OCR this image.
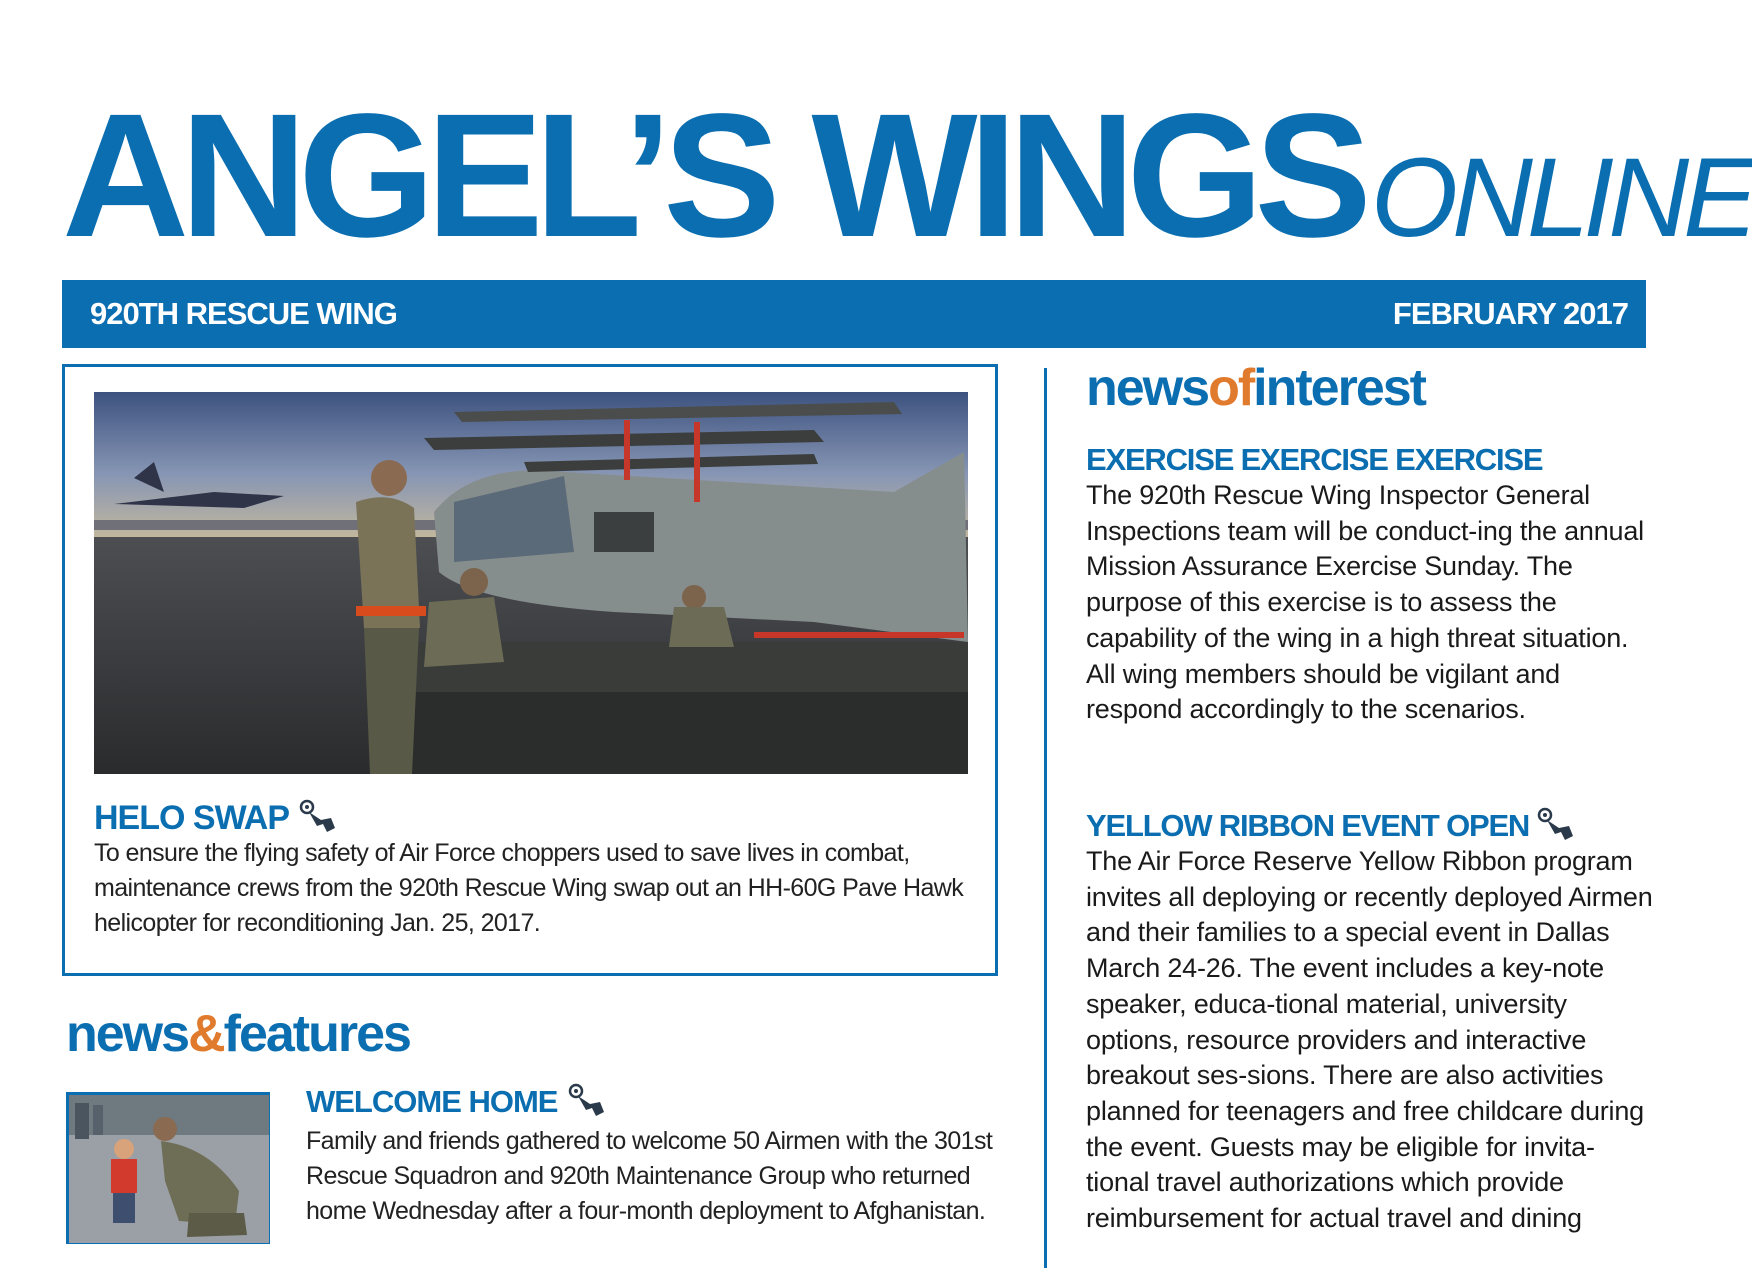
ANGEL’S WINGSONLINE
920TH RESCUE WING	FEBRUARY 2017
HELO SWAP
To ensure the flying safety of Air Force choppers used to save lives in combat, maintenance crews from the 920th Rescue Wing swap out an HH-60G Pave Hawk helicopter for reconditioning Jan. 25, 2017.
news&features
WELCOME HOME
Family and friends gathered to welcome 50 Airmen with the 301st Rescue Squadron and 920th Maintenance Group who returned home Wednesday after a four-month deployment to Afghanistan.
newsofinterest
EXERCISE EXERCISE EXERCISE
The 920th Rescue Wing Inspector General Inspections team will be conduct-ing the annual Mission Assurance Exercise Sunday. The purpose of this exercise is to assess the capability of the wing in a high threat situation. All wing members should be vigilant and respond accordingly to the scenarios.
YELLOW RIBBON EVENT OPEN
The Air Force Reserve Yellow Ribbon program invites all deploying or recently deployed Airmen and their families to a special event in Dallas March 24-26. The event includes a key-note speaker, educa-tional material, university options, resource providers and interactive breakout ses-sions. There are also activities planned for teenagers and free childcare during the event. Guests may be eligible for invita-tional travel authorizations which provide reimbursement for actual travel and dining
